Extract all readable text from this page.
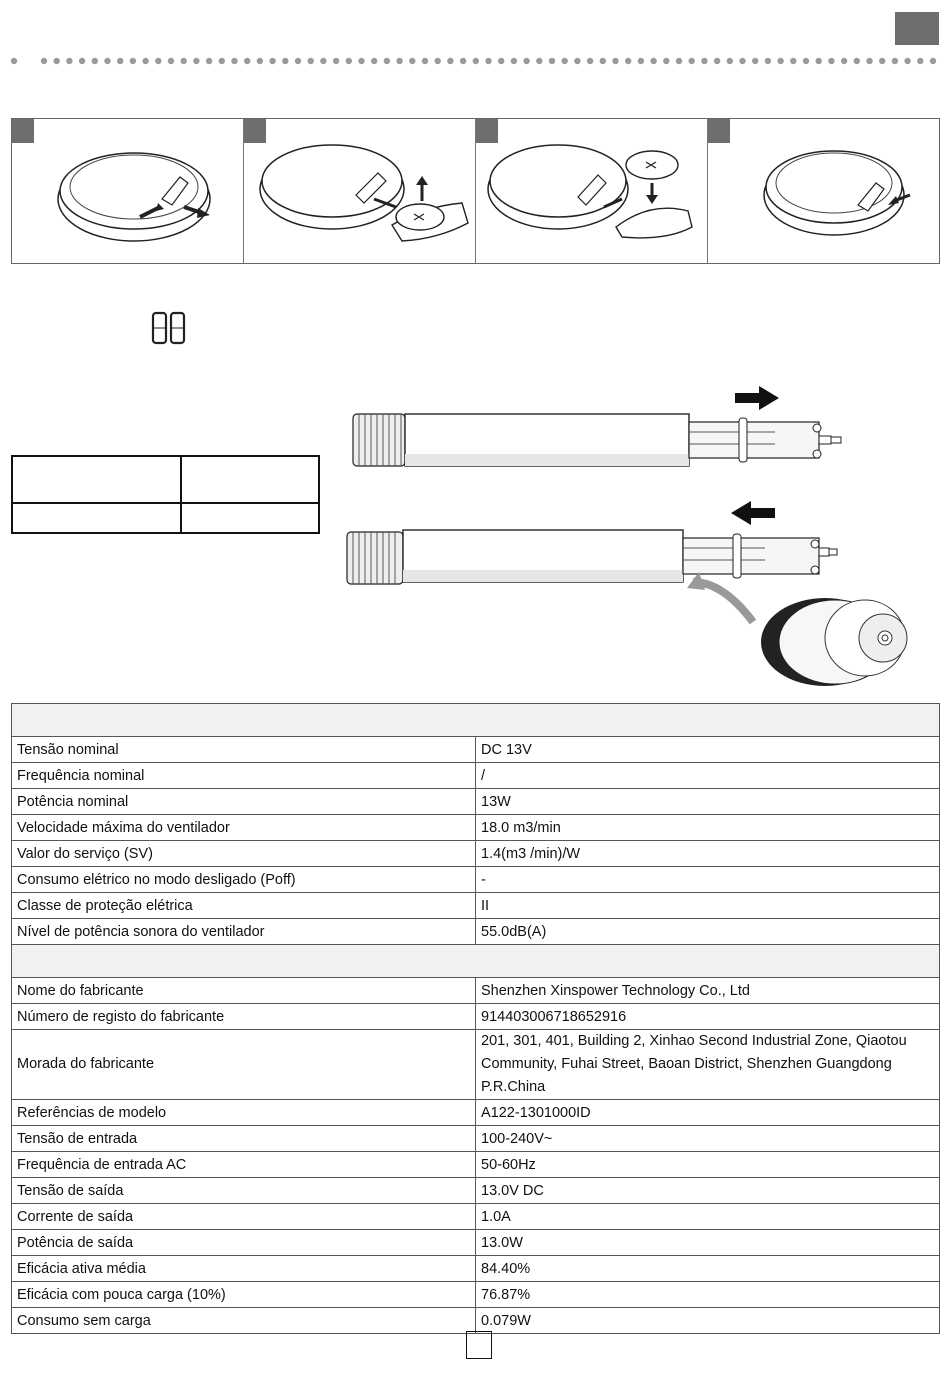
Tensão nominal	DC 13V
Frequência nominal	/
Potência nominal	13W
Velocidade máxima do ventilador	18.0 m3/min
Valor do serviço (SV)	1.4(m3 /min)/W
Consumo elétrico no modo desligado (Poff)	-
Classe de proteção elétrica	II
Nível de potência sonora do ventilador	55.0dB(A)

Nome do fabricante	Shenzhen Xinspower Technology Co., Ltd
Número de registo do fabricante	914403006718652916
Morada do fabricante	201, 301, 401, Building 2, Xinhao Second Industrial Zone, Qiaotou Community, Fuhai Street, Baoan District, Shenzhen Guangdong P.R.China
Referências de modelo	A122-1301000ID
Tensão de entrada	100-240V~
Frequência de entrada AC	50-60Hz
Tensão de saída	13.0V DC
Corrente de saída	1.0A
Potência de saída	13.0W
Eficácia ativa média	84.40%
Eficácia com pouca carga (10%)	76.87%
Consumo sem carga	0.079W
